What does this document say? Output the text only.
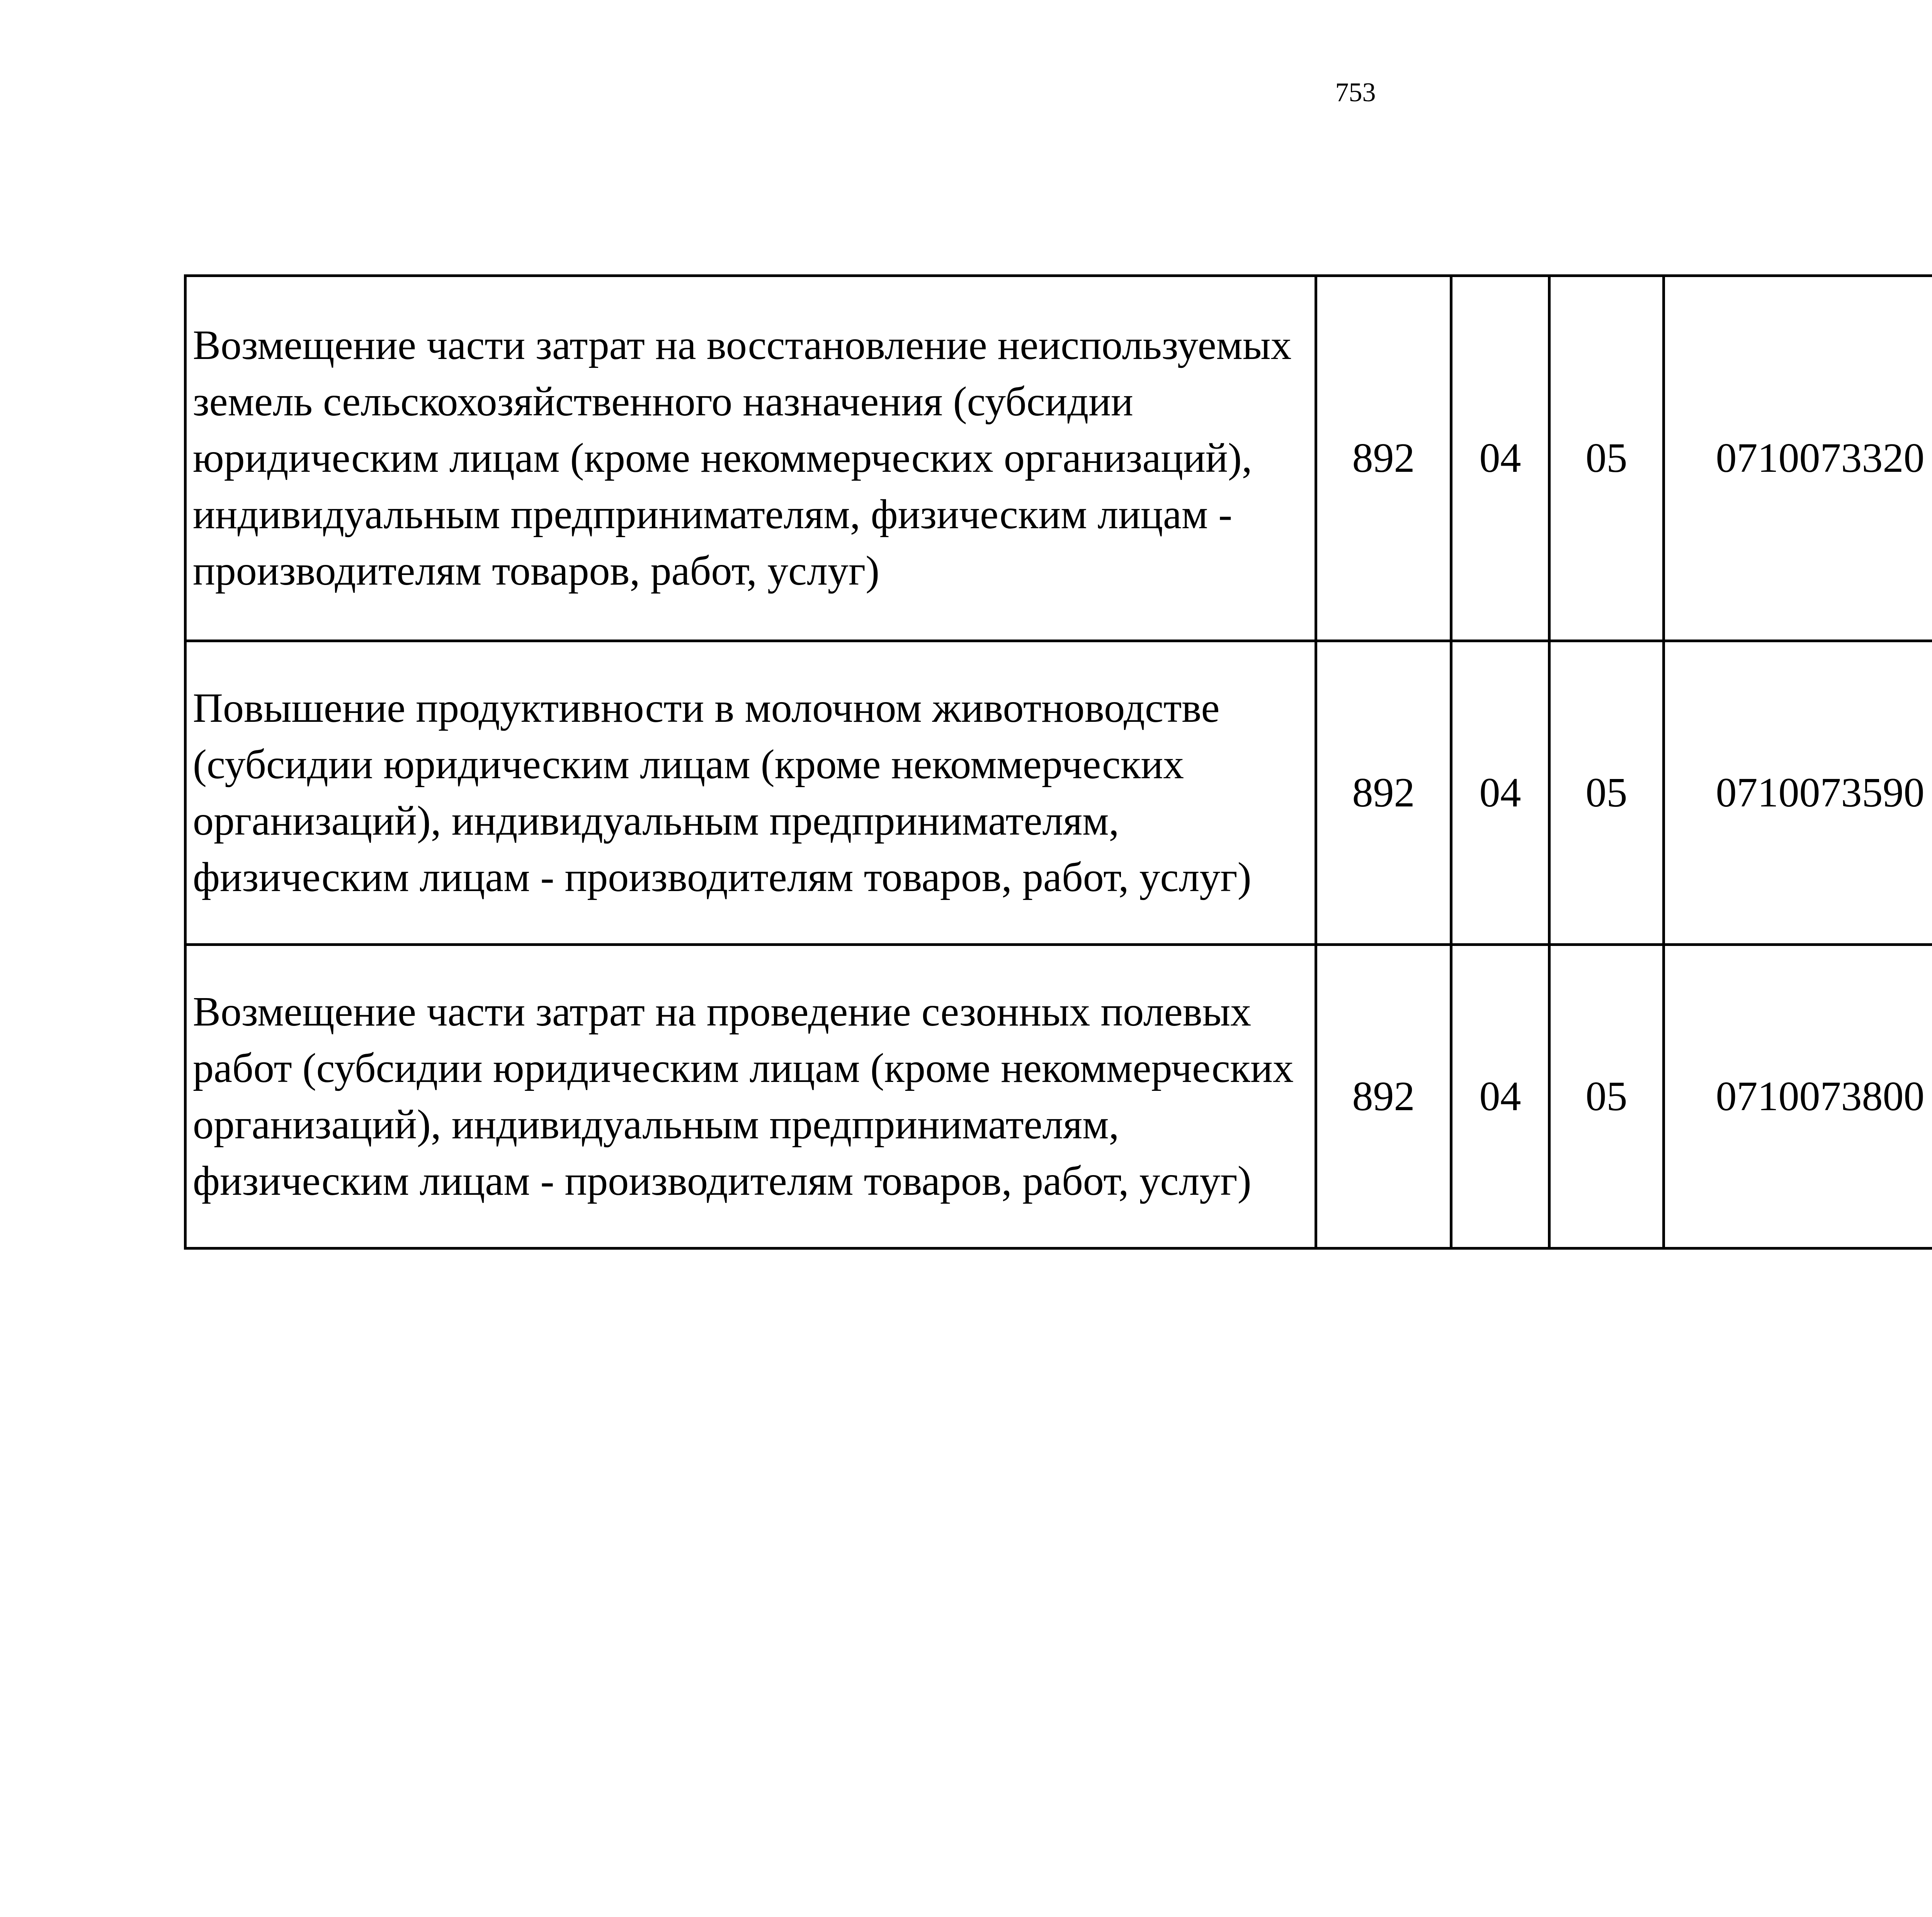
753
Возмещение части затрат на восстановление неиспользуемых земель сельскохозяйственного назначения (субсидии юридическим лицам (кроме некоммерческих организаций), индивидуальным предпринимателям, физическим лицам - производителям товаров, работ, услуг)	892	04	05	0710073320		
Повышение продуктивности в молочном животноводстве (субсидии юридическим лицам (кроме некоммерческих организаций), индивидуальным предпринимателям, физическим лицам - производителям товаров, работ, услуг)	892	04	05	0710073590		
Возмещение части затрат на проведение сезонных полевых работ (субсидии юридическим лицам (кроме некоммерческих организаций), индивидуальным предпринимателям, физическим лицам - производителям товаров, работ, услуг)	892	04	05	0710073800		
